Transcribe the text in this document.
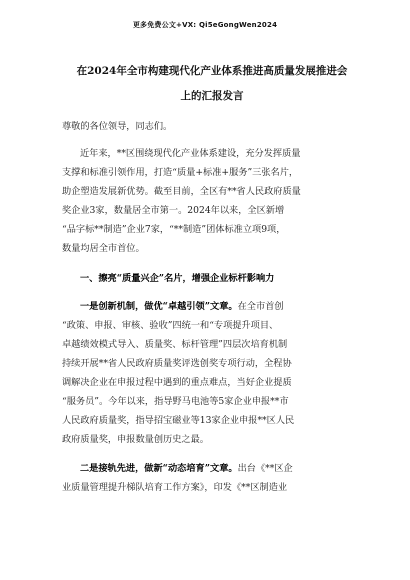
更多免费公文+VX: Qi5eGongWen2024
在2024年全市构建现代化产业体系推进高质量发展推进会
上的汇报发言
尊敬的各位领导，同志们。
近年来，**区围绕现代化产业体系建设，充分发挥质量
支撑和标准引领作用，打造“质量+标准+服务”三张名片，
助企塑造发展新优势。截至目前，全区有**省人民政府质量
奖企业3家，数量居全市第一。2024年以来，全区新增
“品字标**制造”企业7家，“**制造”团体标准立项9项，
数量均居全市首位。
一、擦亮“质量兴企”名片，增强企业标杆影响力
一是创新机制，做优“卓越引领”文章。在全市首创
“政策、申报、审核、验收”四统一和“专项提升项目、
卓越绩效模式导入、质量奖、标杆管理”四层次培育机制
持续开展**省人民政府质量奖评选创奖专项行动，全程协
调解决企业在申报过程中遇到的重点难点，当好企业提质
“服务员”。今年以来，指导野马电池等5家企业申报**市
人民政府质量奖，指导招宝磁业等13家企业申报**区人民
政府质量奖，申报数量创历史之最。
二是接轨先进，做新“动态培育”文章。出台《**区企
业质量管理提升梯队培育工作方案》，印发《**区制造业
